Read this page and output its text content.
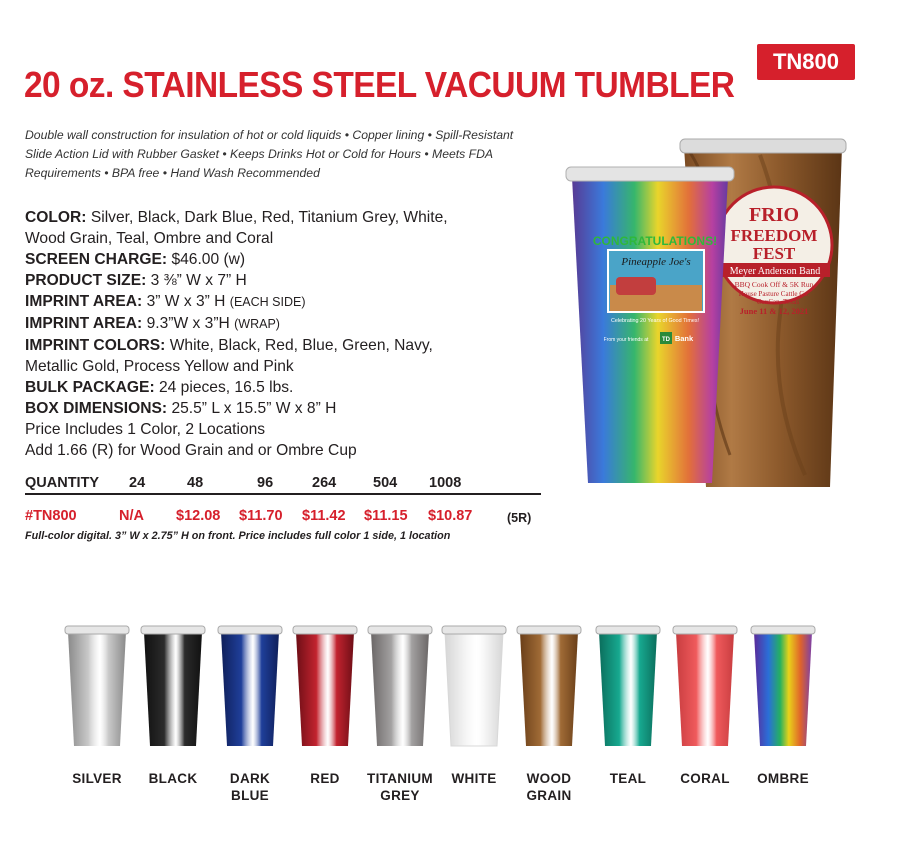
TN800
20 oz. STAINLESS STEEL VACUUM TUMBLER
Double wall construction for insulation of hot or cold liquids • Copper lining • Spill-Resistant
Slide Action Lid with Rubber Gasket • Keeps Drinks Hot or Cold for Hours • Meets FDA
Requirements • BPA free • Hand Wash Recommended
COLOR: Silver, Black, Dark Blue, Red, Titanium Grey, White,
Wood Grain, Teal, Ombre and Coral
SCREEN CHARGE: $46.00 (w)
PRODUCT SIZE: 3 ⅜” W x 7” H
IMPRINT AREA: 3” W x 3” H (EACH SIDE)
IMPRINT AREA: 9.3”W x 3”H (WRAP)
IMPRINT COLORS: White, Black, Red, Blue, Green, Navy,
Metallic Gold, Process Yellow and Pink
BULK PACKAGE: 24 pieces, 16.5 lbs.
BOX DIMENSIONS: 25.5” L x 15.5” W x 8” H
Price Includes 1 Color, 2 Locations
Add 1.66 (R) for Wood Grain and or Ombre Cup
QUANTITY 24	48	96	264	504 1008
#TN800	N/A $12.08 $11.70 $11.42 $11.15 $10.87	(5R)
Full-color digital. 3” W x 2.75” H on front. Price includes full color 1 side, 1 location
FRIO
FREEDOM
FEST
Meyer Anderson Band
BBQ Cook Off & 5K Run
House Pasture Cattle Co.
ConCan, Texas
June 11 & 12, 2021
CONGRATULATIONS!
Pineapple Joe's
Celebrating 20 Years of Good Times!
From your friends at TD Bank
SILVER	BLACK	DARK
BLUE
RED	TITANIUM
GREY
WHITE	WOOD
GRAIN
TEAL	CORAL	OMBRE
